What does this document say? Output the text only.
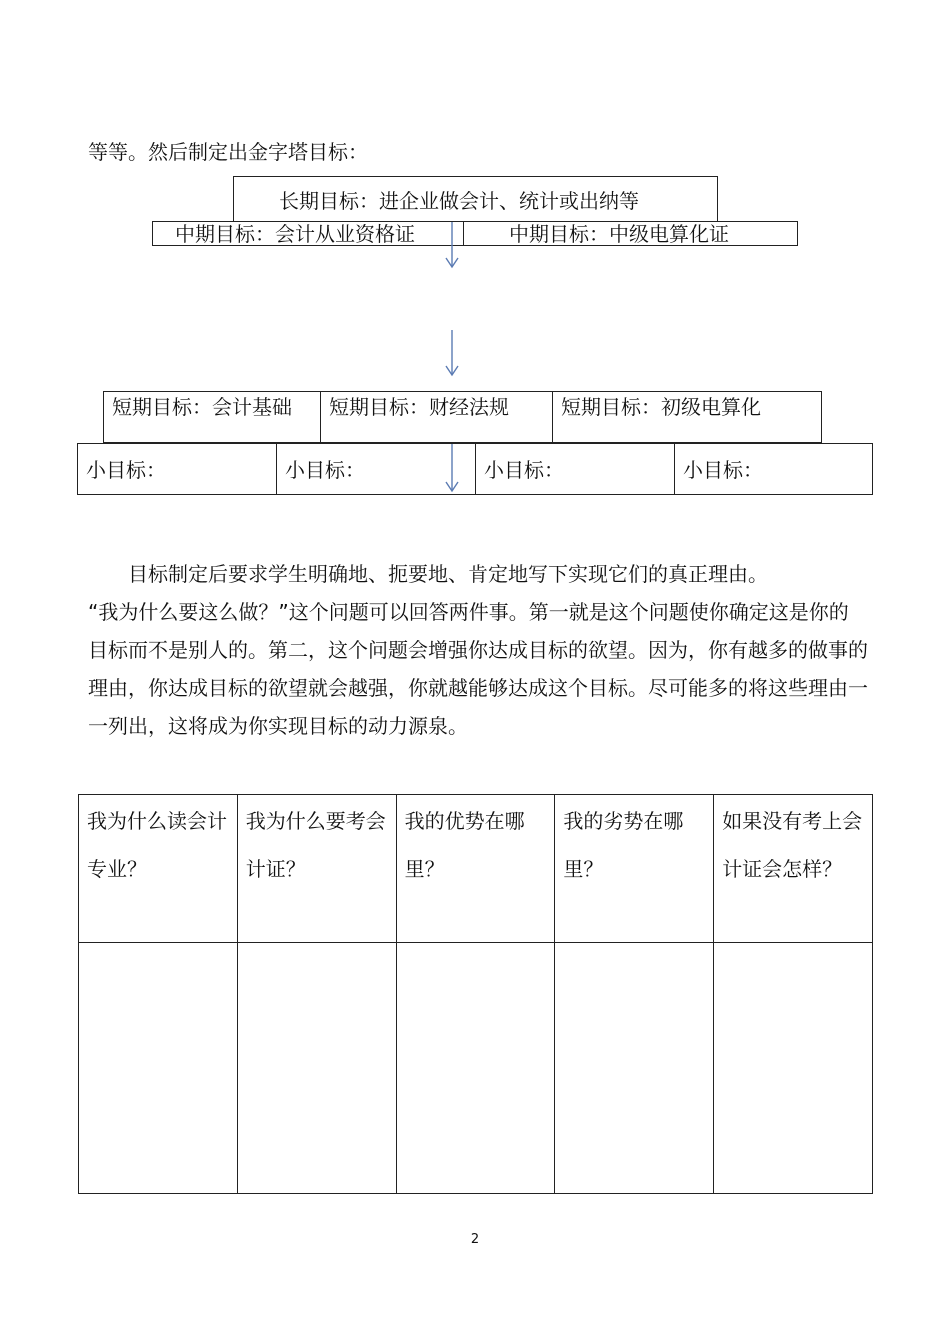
等等。然后制定出金字塔目标：
长期目标：进企业做会计、统计或出纳等
中期目标：会计从业资格证	中期目标：中级电算化证
短期目标：会计基础	短期目标：财经法规	短期目标：初级电算化
小目标：	小目标：	小目标：	小目标：

目标制定后要求学生明确地、扼要地、肯定地写下实现它们的真正理由。

“我为什么要这么做？”这个问题可以回答两件事。第一就是这个问题使你确定这是你的目标而不是别人的。第二，这个问题会增强你达成目标的欲望。因为，你有越多的做事的理由，你达成目标的欲望就会越强，你就越能够达成这个目标。尽可能多的将这些理由一一列出，这将成为你实现目标的动力源泉。

我为什么读会计专业？	我为什么要考会计证？	我的优势在哪里？	我的劣势在哪里？	如果没有考上会计证会怎样？

2
